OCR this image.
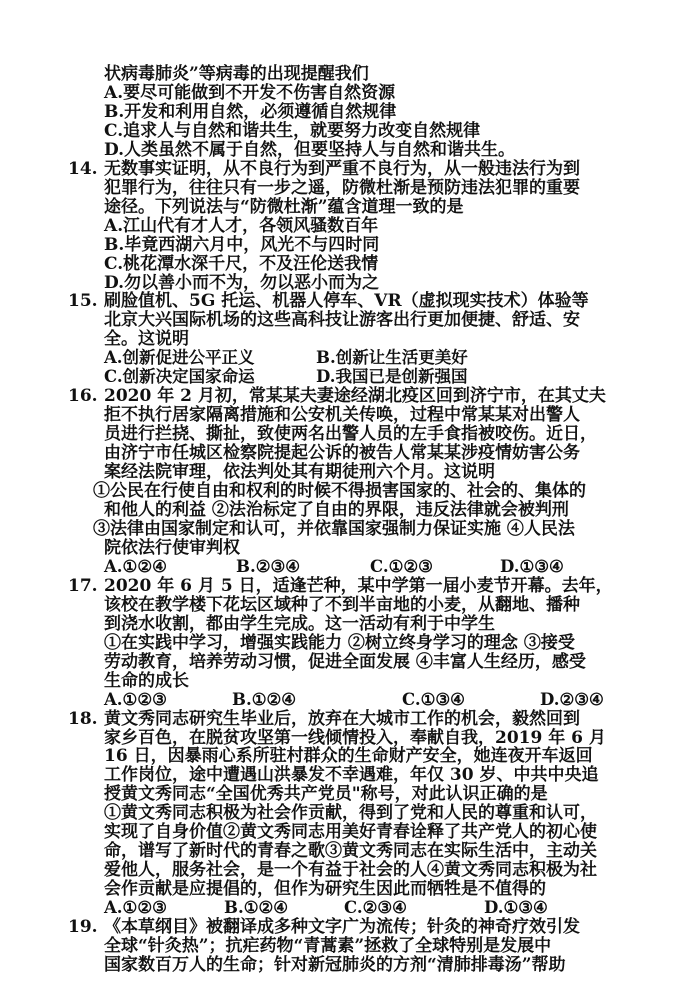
状病毒肺炎”等病毒的出现提醒我们
A.要尽可能做到不开发不伤害自然资源
B.开发和利用自然，必须遵循自然规律
C.追求人与自然和谐共生，就要努力改变自然规律
D.人类虽然不属于自然，但要坚持人与自然和谐共生。
14. 无数事实证明，从不良行为到严重不良行为，从一般违法行为到
犯罪行为，往往只有一步之遥，防微杜渐是预防违法犯罪的重要
途径。下列说法与“防微杜渐”蕴含道理一致的是
A.江山代有才人才，各领风骚数百年
B.毕竟西湖六月中，风光不与四时同
C.桃花潭水深千尺，不及汪伦送我情
D.勿以善小而不为，勿以恶小而为之
15. 刷脸值机、5G 托运、机器人停车、VR（虚拟现实技术）体验等
北京大兴国际机场的这些高科技让游客出行更加便捷、舒适、安
全。这说明
A.创新促进公平正义	B.创新让生活更美好
C.创新决定国家命运	D.我国已是创新强国
16. 2020 年 2 月初，常某某夫妻途经湖北疫区回到济宁市，在其丈夫
拒不执行居家隔离措施和公安机关传唤，过程中常某某对出警人
员进行拦挠、撕扯，致使两名出警人员的左手食指被咬伤。近日，
由济宁市任城区检察院提起公诉的被告人常某某涉疫情妨害公务
案经法院审理，依法判处其有期徒刑六个月。这说明
①公民在行使自由和权利的时候不得损害国家的、社会的、集体的
和他人的利益 ②法治标定了自由的界限，违反法律就会被判刑
③法律由国家制定和认可，并依靠国家强制力保证实施 ④人民法
院依法行使审判权
A.①②④	B.②③④	C.①②③	D.①③④
17. 2020 年 6 月 5 日，适逢芒种，某中学第一届小麦节开幕。去年，
该校在教学楼下花坛区域种了不到半亩地的小麦，从翻地、播种
到浇水收割，都由学生完成。这一活动有利于中学生
①在实践中学习，增强实践能力 ②树立终身学习的理念 ③接受
劳动教育，培养劳动习惯，促进全面发展 ④丰富人生经历，感受
生命的成长
A.①②③	B.①②④	C.①③④	D.②③④
18. 黄文秀同志研究生毕业后，放弃在大城市工作的机会，毅然回到
家乡百色，在脱贫攻坚第一线倾情投入，奉献自我，2019 年 6 月
16 日，因暴雨心系所驻村群众的生命财产安全，她连夜开车返回
工作岗位，途中遭遇山洪暴发不幸遇难，年仅 30 岁、中共中央追
授黄文秀同志“全国优秀共产党员"称号，对此认识正确的是
①黄文秀同志积极为社会作贡献，得到了党和人民的尊重和认可，
实现了自身价值②黄文秀同志用美好青春诠释了共产党人的初心使
命，谱写了新时代的青春之歌③黄文秀同志在实际生活中，主动关
爱他人，服务社会，是一个有益于社会的人④黄文秀同志积极为社
会作贡献是应提倡的，但作为研究生因此而牺牲是不值得的
A.①②③	B.①②④	C.②③④	D.①③④
19. 《本草纲目》被翻译成多种文字广为流传；针灸的神奇疗效引发
全球“针灸热”；抗疟药物“青蒿素”拯救了全球特别是发展中
国家数百万人的生命；针对新冠肺炎的方剂“清肺排毒汤”帮助
